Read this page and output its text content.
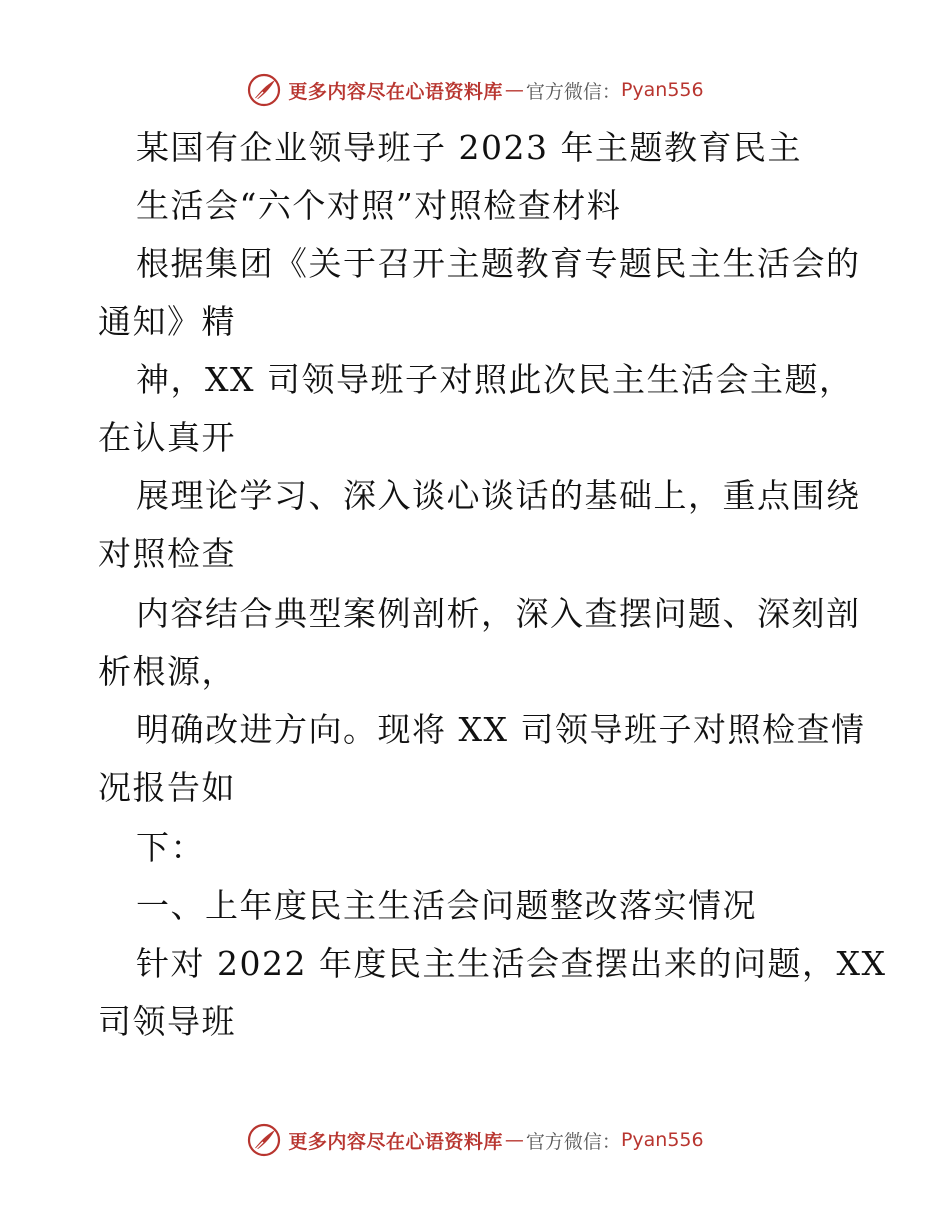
更多内容尽在心语资料库 — 官方微信： Pyan556
某国有企业领导班子 2023 年主题教育民主
生活会“六个对照”对照检查材料
根据集团《关于召开主题教育专题民主生活会的
通知》精
神，XX 司领导班子对照此次民主生活会主题，
在认真开
展理论学习、深入谈心谈话的基础上，重点围绕
对照检查
内容结合典型案例剖析，深入查摆问题、深刻剖
析根源，
明确改进方向。现将 XX 司领导班子对照检查情
况报告如
下：
一、上年度民主生活会问题整改落实情况
针对 2022 年度民主生活会查摆出来的问题，XX
司领导班
更多内容尽在心语资料库 — 官方微信： Pyan556
